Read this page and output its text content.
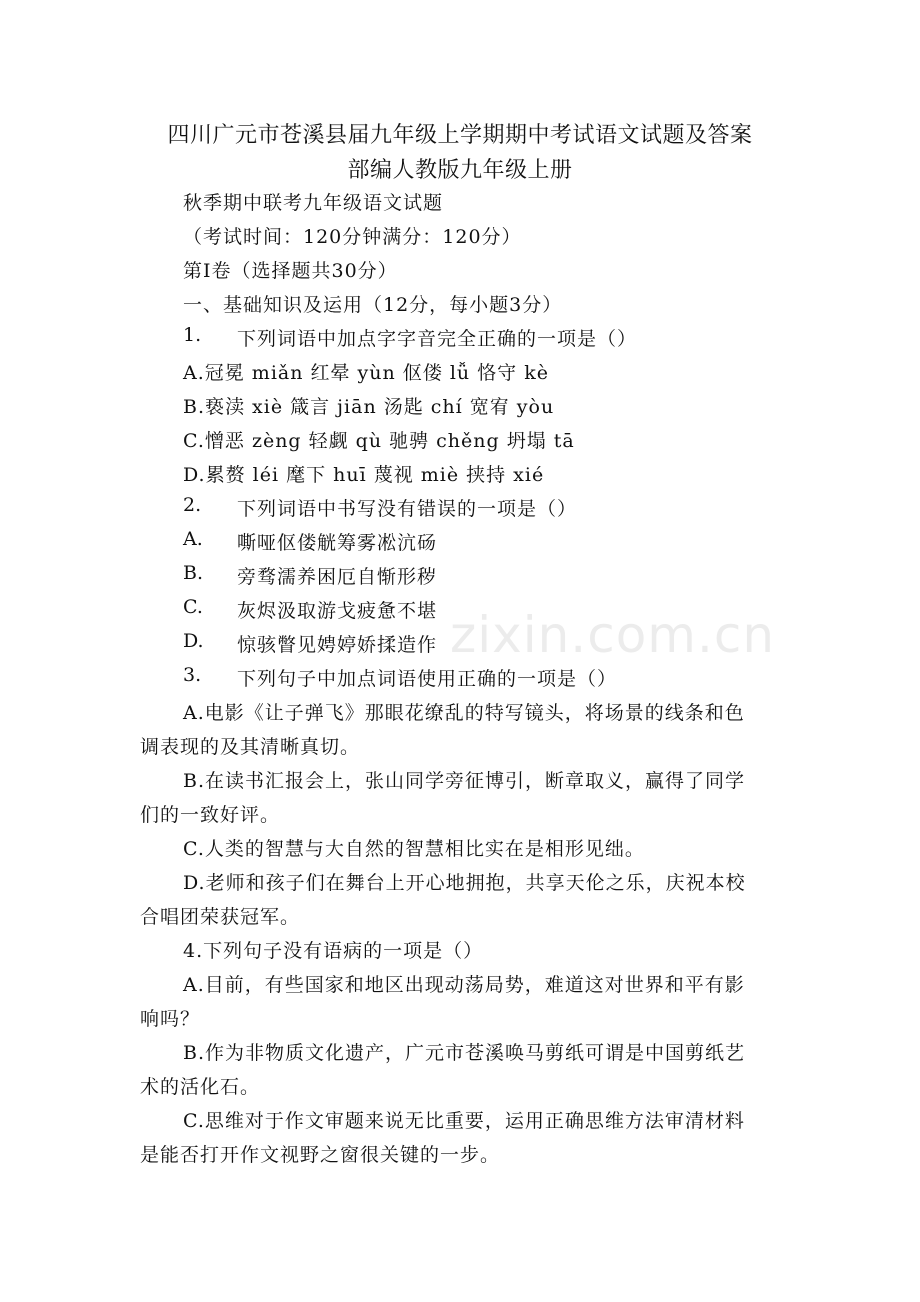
四川广元市苍溪县届九年级上学期期中考试语文试题及答案
部编人教版九年级上册
秋季期中联考九年级语文试题
（考试时间：120分钟满分：120分）
第Ⅰ卷（选择题共30分）
一、基础知识及运用（12分，每小题3分）
1. 下列词语中加点字字音完全正确的一项是（）
A.冠冕 miǎn 红晕 yùn 伛偻 lǚ 恪守 kè
B.亵渎 xiè 箴言 jiān 汤匙 chí 宽宥 yòu
C.憎恶 zèng 轻觑 qù 驰骋 chěng 坍塌 tā
D.累赘 léi 麾下 huī 蔑视 miè 挟持 xié
2. 下列词语中书写没有错误的一项是（）
A. 嘶哑伛偻觥筹雾凇沆砀
B. 旁骛濡养困厄自惭形秽
C. 灰烬汲取游戈疲惫不堪
D. 惊骇瞥见娉婷娇揉造作
3. 下列句子中加点词语使用正确的一项是（）
A.电影《让子弹飞》那眼花缭乱的特写镜头，将场景的线条和色
调表现的及其清晰真切。
B.在读书汇报会上，张山同学旁征博引，断章取义，赢得了同学
们的一致好评。
C.人类的智慧与大自然的智慧相比实在是相形见绌。
D.老师和孩子们在舞台上开心地拥抱，共享天伦之乐，庆祝本校
合唱团荣获冠军。
4.下列句子没有语病的一项是（）
A.目前，有些国家和地区出现动荡局势，难道这对世界和平有影
响吗？
B.作为非物质文化遗产，广元市苍溪唤马剪纸可谓是中国剪纸艺
术的活化石。
C.思维对于作文审题来说无比重要，运用正确思维方法审清材料
是能否打开作文视野之窗很关键的一步。
zixin.com.cn
